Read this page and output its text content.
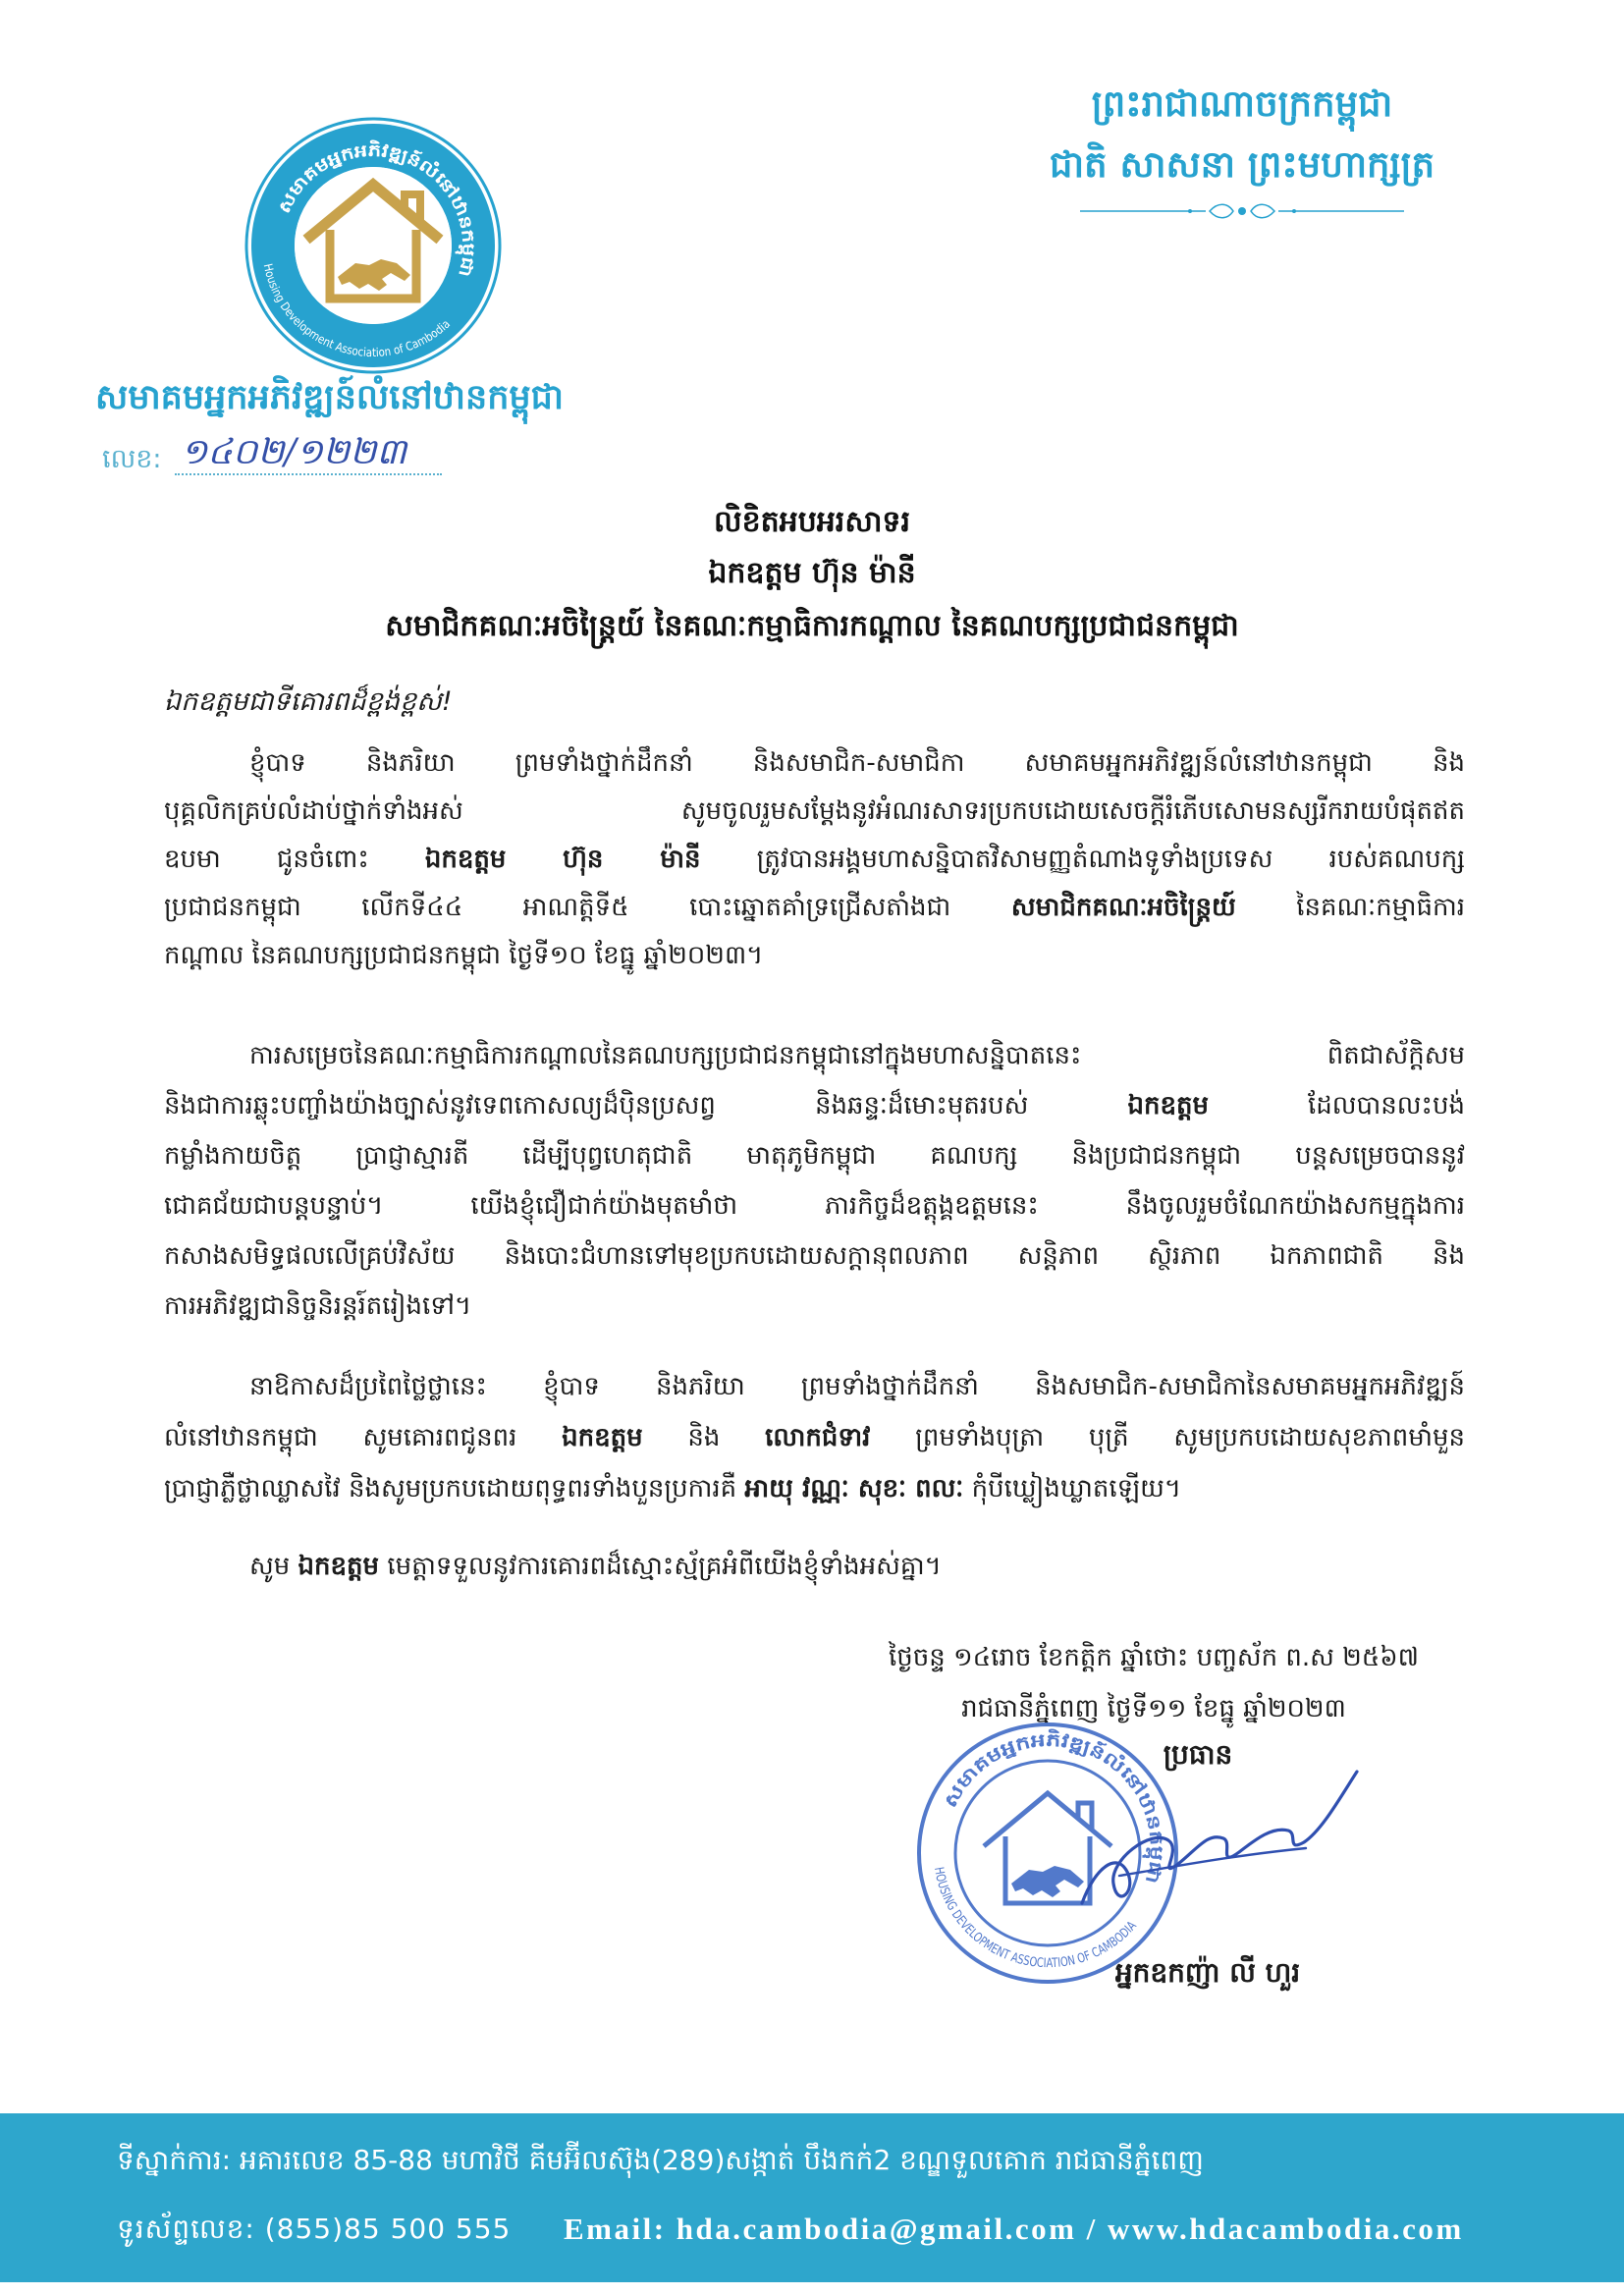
ព្រះរាជាណាចក្រកម្ពុជា
ជាតិ សាសនា ព្រះមហាក្សត្រ
សមាគមអ្នកអភិវឌ្ឍន៍លំនៅឋានកម្ពុជា
Housing Development Association of Cambodia
សមាគមអ្នកអភិវឌ្ឍន៍លំនៅឋានកម្ពុជា
លេខ: ១៤០២/១២២៣
លិខិតអបអរសាទរ
ឯកឧត្តម ហ៊ុន ម៉ានី
សមាជិកគណៈអចិន្ត្រៃយ៍ នៃគណៈកម្មាធិការកណ្តាល នៃគណបក្សប្រជាជនកម្ពុជា
ឯកឧត្តមជាទីគោរពដ៏ខ្ពង់ខ្ពស់!
ខ្ញុំបាទ និងភរិយា ព្រមទាំងថ្នាក់ដឹកនាំ និងសមាជិក-សមាជិកា សមាគមអ្នកអភិវឌ្ឍន៍លំនៅឋានកម្ពុជា និង
បុគ្គលិកគ្រប់លំដាប់ថ្នាក់ទាំងអស់ សូមចូលរួមសម្តែងនូវអំណរសាទរប្រកបដោយសេចក្តីរំភើបសោមនស្សរីករាយបំផុតឥត
ឧបមា ជូនចំពោះ ឯកឧត្តម ហ៊ុន ម៉ានី ត្រូវបានអង្គមហាសន្និបាតវិសាមញ្ញតំណាងទូទាំងប្រទេស របស់គណបក្ស
ប្រជាជនកម្ពុជា លើកទី៤៤ អាណត្តិទី៥ បោះឆ្នោតគាំទ្រជ្រើសតាំងជា សមាជិកគណៈអចិន្ត្រៃយ៍ នៃគណៈកម្មាធិការ
កណ្តាល នៃគណបក្សប្រជាជនកម្ពុជា ថ្ងៃទី១០ ខែធ្នូ ឆ្នាំ២០២៣។
ការសម្រេចនៃគណៈកម្មាធិការកណ្តាលនៃគណបក្សប្រជាជនកម្ពុជានៅក្នុងមហាសន្និបាតនេះ ពិតជាស័ក្តិសម
និងជាការឆ្លុះបញ្ចាំងយ៉ាងច្បាស់នូវទេពកោសល្យដ៏ប៉ិនប្រសព្វ និងឆន្ទៈដ៏មោះមុតរបស់ ឯកឧត្តម ដែលបានលះបង់
កម្លាំងកាយចិត្ត ប្រាជ្ញាស្មារតី ដើម្បីបុព្វហេតុជាតិ មាតុភូមិកម្ពុជា គណបក្ស និងប្រជាជនកម្ពុជា បន្តសម្រេចបាននូវ
ជោគជ័យជាបន្តបន្ទាប់។ យើងខ្ញុំជឿជាក់យ៉ាងមុតមាំថា ភារកិច្ចដ៏ឧត្តុង្គឧត្តមនេះ នឹងចូលរួមចំណែកយ៉ាងសកម្មក្នុងការ
កសាងសមិទ្ធផលលើគ្រប់វិស័យ និងបោះជំហានទៅមុខប្រកបដោយសក្តានុពលភាព សន្តិភាព ស្ថិរភាព ឯកភាពជាតិ និង
ការអភិវឌ្ឍជានិច្ចនិរន្តរ៍តរៀងទៅ។
នាឱកាសដ៏ប្រពៃថ្លៃថ្លានេះ ខ្ញុំបាទ និងភរិយា ព្រមទាំងថ្នាក់ដឹកនាំ និងសមាជិក-សមាជិកានៃសមាគមអ្នកអភិវឌ្ឍន៍
លំនៅឋានកម្ពុជា សូមគោរពជូនពរ ឯកឧត្តម និង លោកជំទាវ ព្រមទាំងបុត្រា បុត្រី សូមប្រកបដោយសុខភាពមាំមួន
ប្រាជ្ញាភ្លឺថ្លាឈ្លាសវៃ និងសូមប្រកបដោយពុទ្ធពរទាំងបួនប្រការគឺ អាយុ វណ្ណៈ សុខៈ ពលៈ កុំបីឃ្លៀងឃ្លាតឡើយ។
សូម ឯកឧត្តម មេត្តាទទួលនូវការគោរពដ៏ស្មោះស្ម័គ្រអំពីយើងខ្ញុំទាំងអស់គ្នា។
ថ្ងៃចន្ទ ១៤រោច ខែកត្តិក ឆ្នាំថោះ បញ្ចស័ក ព.ស ២៥៦៧
រាជធានីភ្នំពេញ ថ្ងៃទី១១ ខែធ្នូ ឆ្នាំ២០២៣
ប្រធាន
សមាគមអ្នកអភិវឌ្ឍន៍លំនៅឋានកម្ពុជា
HOUSING DEVELOPMENT ASSOCIATION OF CAMBODIA
អ្នកឧកញ៉ា លី ហួរ
ទីស្នាក់ការ: អគារលេខ 85-88 មហាវិថី គីមអ៊ីលស៊ុង(289)សង្កាត់ បឹងកក់2 ខណ្ឌទួលគោក រាជធានីភ្នំពេញ
ទូរស័ព្ទលេខ: (855)85 500 555	Email: hda.cambodia@gmail.com / www.hdacambodia.com
